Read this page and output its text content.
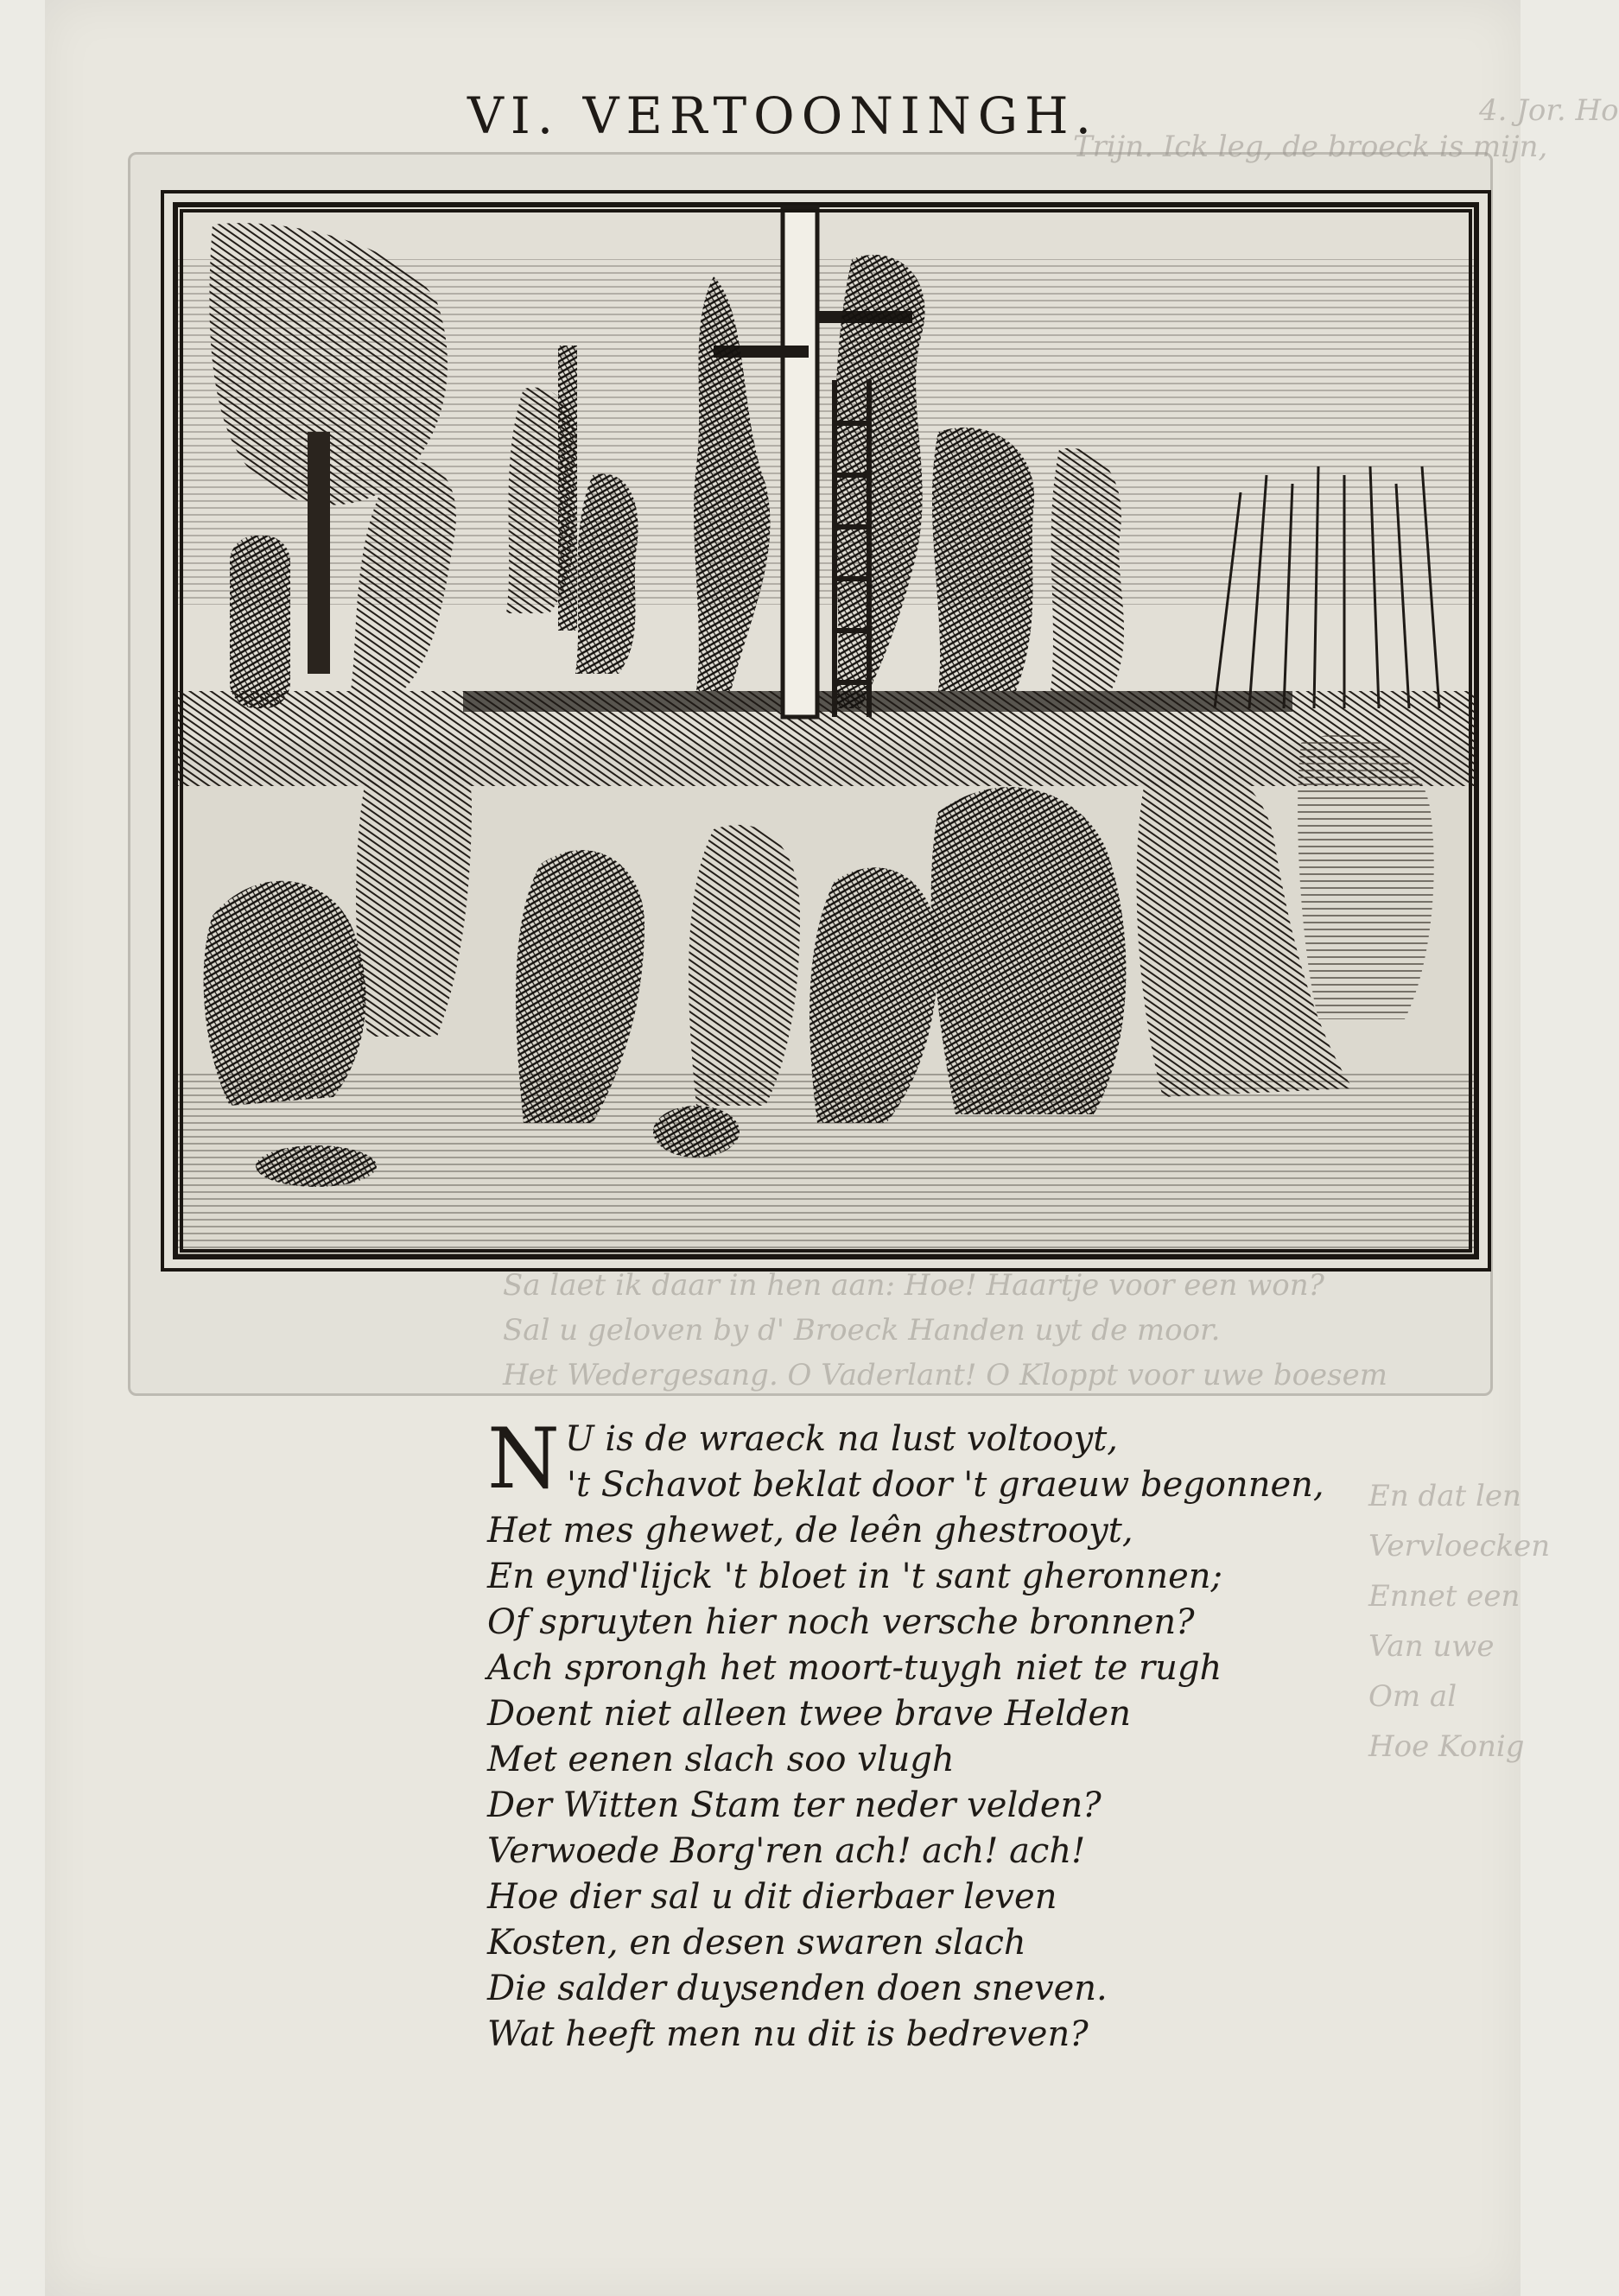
VI. VERTOONINGH.	4. Jor. Ho
Trijn. Ick leg, de broeck is mijn,
Sa laet ik daar in hen aan: Hoe! Haartje voor een won?
Sal u geloven by d' Broeck Handen uyt de moor.
Het Wedergesang. O Vaderlant! O Kloppt voor uwe boesem
En dat len
Vervloecken
Ennet een
Van uwe
Om al
Hoe Konig
N U is de wraeck na lust voltooyt,
't Schavot beklat door 't graeuw begonnen,
Het mes ghewet, de leên ghestrooyt,
En eynd'lijck 't bloet in 't sant gheronnen;
Of spruyten hier noch versche bronnen?
Ach sprongh het moort-tuygh niet te rugh
Doent niet alleen twee brave Helden
Met eenen slach soo vlugh
Der Witten Stam ter neder velden?
Verwoede Borg'ren ach! ach! ach!
Hoe dier sal u dit dierbaer leven
Kosten, en desen swaren slach
Die salder duysenden doen sneven.
Wat heeft men nu dit is bedreven?
